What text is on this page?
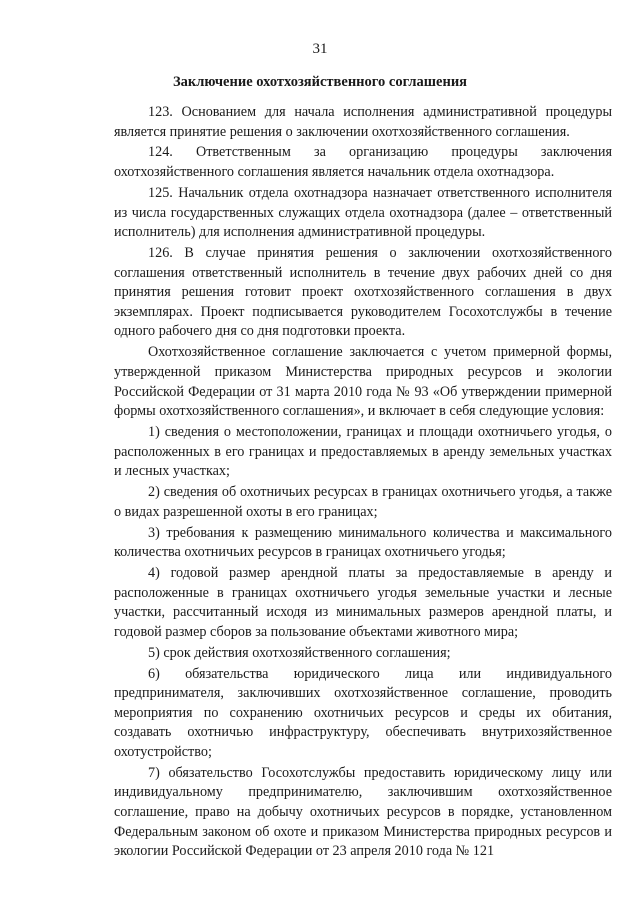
31
Заключение охотхозяйственного соглашения

123. Основанием для начала исполнения административной процедуры является принятие решения о заключении охотхозяйственного соглашения.

124. Ответственным за организацию процедуры заключения охотхозяйственного соглашения является начальник отдела охотнадзора.

125. Начальник отдела охотнадзора назначает ответственного исполнителя из числа государственных служащих отдела охотнадзора (далее – ответственный исполнитель) для исполнения административной процедуры.

126. В случае принятия решения о заключении охотхозяйственного соглашения ответственный исполнитель в течение двух рабочих дней со дня принятия решения готовит проект охотхозяйственного соглашения в двух экземплярах. Проект подписывается руководителем Госохотслужбы в течение одного рабочего дня со дня подготовки проекта.

Охотхозяйственное соглашение заключается с учетом примерной формы, утвержденной приказом Министерства природных ресурсов и экологии Российской Федерации от 31 марта 2010 года № 93 «Об утверждении примерной формы охотхозяйственного соглашения», и включает в себя следующие условия:

1) сведения о местоположении, границах и площади охотничьего угодья, о расположенных в его границах и предоставляемых в аренду земельных участках и лесных участках;

2) сведения об охотничьих ресурсах в границах охотничьего угодья, а также о видах разрешенной охоты в его границах;

3) требования к размещению минимального количества и максимального количества охотничьих ресурсов в границах охотничьего угодья;

4) годовой размер арендной платы за предоставляемые в аренду и расположенные в границах охотничьего угодья земельные участки и лесные участки, рассчитанный исходя из минимальных размеров арендной платы, и годовой размер сборов за пользование объектами животного мира;

5) срок действия охотхозяйственного соглашения;

6) обязательства юридического лица или индивидуального предпринимателя, заключивших охотхозяйственное соглашение, проводить мероприятия по сохранению охотничьих ресурсов и среды их обитания, создавать охотничью инфраструктуру, обеспечивать внутрихозяйственное охотустройство;

7) обязательство Госохотслужбы предоставить юридическому лицу или индивидуальному предпринимателю, заключившим охотхозяйственное соглашение, право на добычу охотничьих ресурсов в порядке, установленном Федеральным законом об охоте и приказом Министерства природных ресурсов и экологии Российской Федерации от 23 апреля 2010 года № 121
